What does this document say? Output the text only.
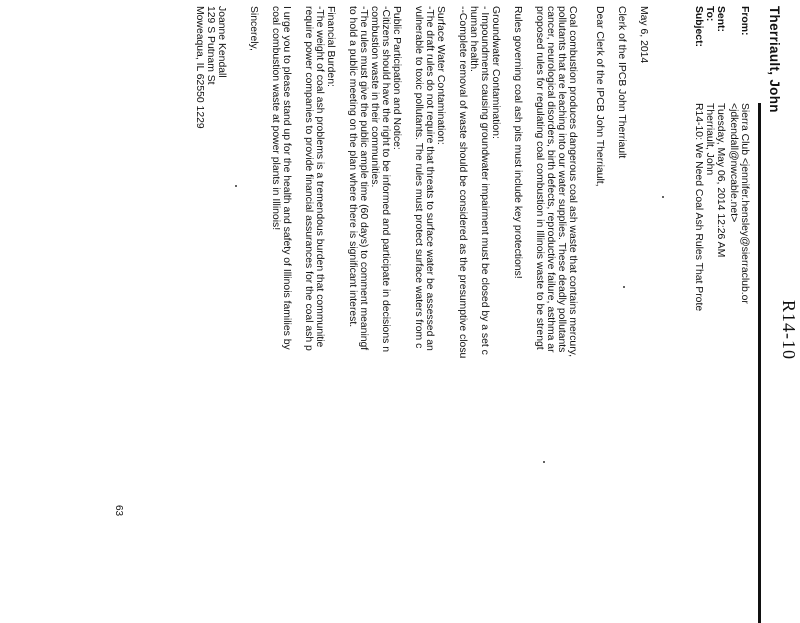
R14-10
Therriault, John
From:
Sierra Club <jennifer.hensley@sierraclub.or
<jdkendall@nwcable.net>
Sent:
Tuesday, May 06, 2014 12:26 AM
To:
Therriault, John
Subject:
R14-10: We Need Coal Ash Rules That Prote
May 6, 2014
Clerk of the IPCB John Therriault
Dear Clerk of the IPCB John Therriault,
Coal combustion produces dangerous coal ash waste that contains mercury,
pollutants that are leaching into our water supplies. These deadly pollutants
cancer, neurological disorders, birth defects, reproductive failure, asthma ar
proposed rules for regulating coal combustion in Illinois waste to be strengt
Rules governing coal ash pits must include key protections!
Groundwater Contamination:
- Impoundments causing groundwater impairment must be closed by a set c
human health.
--Complete removal of waste should be considered as the presumptive closu
Surface Water Contamination:
-The draft rules do not require that threats to surface water be assessed an
vulnerable to toxic pollutants. The rules must protect surface waters from c
Public Participation and Notice:
-Citizens should have the right to be informed and participate in decisions n
combustion waste in their communities.
-The rules must give the public ample time (60 days) to comment meaningf
to hold a public meeting on the plan where there is significant interest.
Financial Burden:
-The weight of coal ash problems is a tremendous burden that communitie
require power companies to provide financial assurances for the coal ash p
I urge you to please stand up for the health and safety of Illinois families by
coal combustion waste at power plants in Illinois!
Sincerely,
Joanne Kendall
129 S Putnam St
Moweaqua, IL 62550 1229
63
